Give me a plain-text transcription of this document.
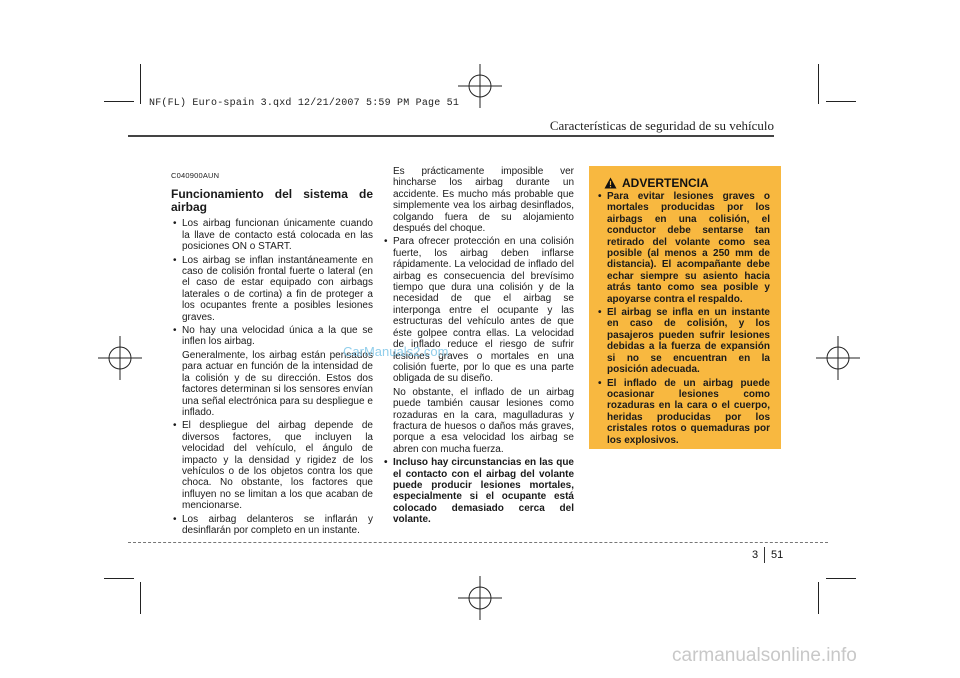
NF(FL) Euro-spain 3.qxd 12/21/2007 5:59 PM Page 51
Características de seguridad de su vehículo
C040900AUN
Funcionamiento del sistema de airbag
• Los airbag funcionan únicamente cuando la llave de contacto está colocada en las posiciones ON o START.
• Los airbag se inflan instantáneamente en caso de colisión frontal fuerte o lateral (en el caso de estar equipado con airbags laterales o de cortina) a fin de proteger a los ocupantes frente a posibles lesiones graves.
• No hay una velocidad única a la que se inflen los airbag.

Generalmente, los airbag están pensados para actuar en función de la intensidad de la colisión y de su dirección. Estos dos factores determinan si los sensores envían una señal electrónica para su despliegue e inflado.

• El despliegue del airbag depende de diversos factores, que incluyen la velocidad del vehículo, el ángulo de impacto y la densidad y rigidez de los vehículos o de los objetos contra los que choca. No obstante, los factores que influyen no se limitan a los que acaban de mencionarse.
• Los airbag delanteros se inflarán y desinflarán por completo en un instante.

Es prácticamente imposible ver hincharse los airbag durante un accidente. Es mucho más probable que simplemente vea los airbag desinflados, colgando fuera de su alojamiento después del choque.

• Para ofrecer protección en una colisión fuerte, los airbag deben inflarse rápidamente. La velocidad de inflado del airbag es consecuencia del brevísimo tiempo que dura una colisión y de la necesidad de que el airbag se interponga entre el ocupante y las estructuras del vehículo antes de que éste golpee contra ellas. La velocidad de inflado reduce el riesgo de sufrir lesiones graves o mortales en una colisión fuerte, por lo que es una parte obligada de su diseño.

No obstante, el inflado de un airbag puede también causar lesiones como rozaduras en la cara, magulladuras y fractura de huesos o daños más graves, porque a esa velocidad los airbag se abren con mucha fuerza.

• Incluso hay circunstancias en las que el contacto con el airbag del volante puede producir lesiones mortales, especialmente si el ocupante está colocado demasiado cerca del volante.
ADVERTENCIA
• Para evitar lesiones graves o mortales producidas por los airbags en una colisión, el conductor debe sentarse tan retirado del volante como sea posible (al menos a 250 mm de distancia). El acompañante debe echar siempre su asiento hacia atrás tanto como sea posible y apoyarse contra el respaldo.
• El airbag se infla en un instante en caso de colisión, y los pasajeros pueden sufrir lesiones debidas a la fuerza de expansión si no se encuentran en la posición adecuada.
• El inflado de un airbag puede ocasionar lesiones como rozaduras en la cara o el cuerpo, heridas producidas por los cristales rotos o quemaduras por los explosivos.
CarManuals2.com
3 51
carmanualsonline.info
